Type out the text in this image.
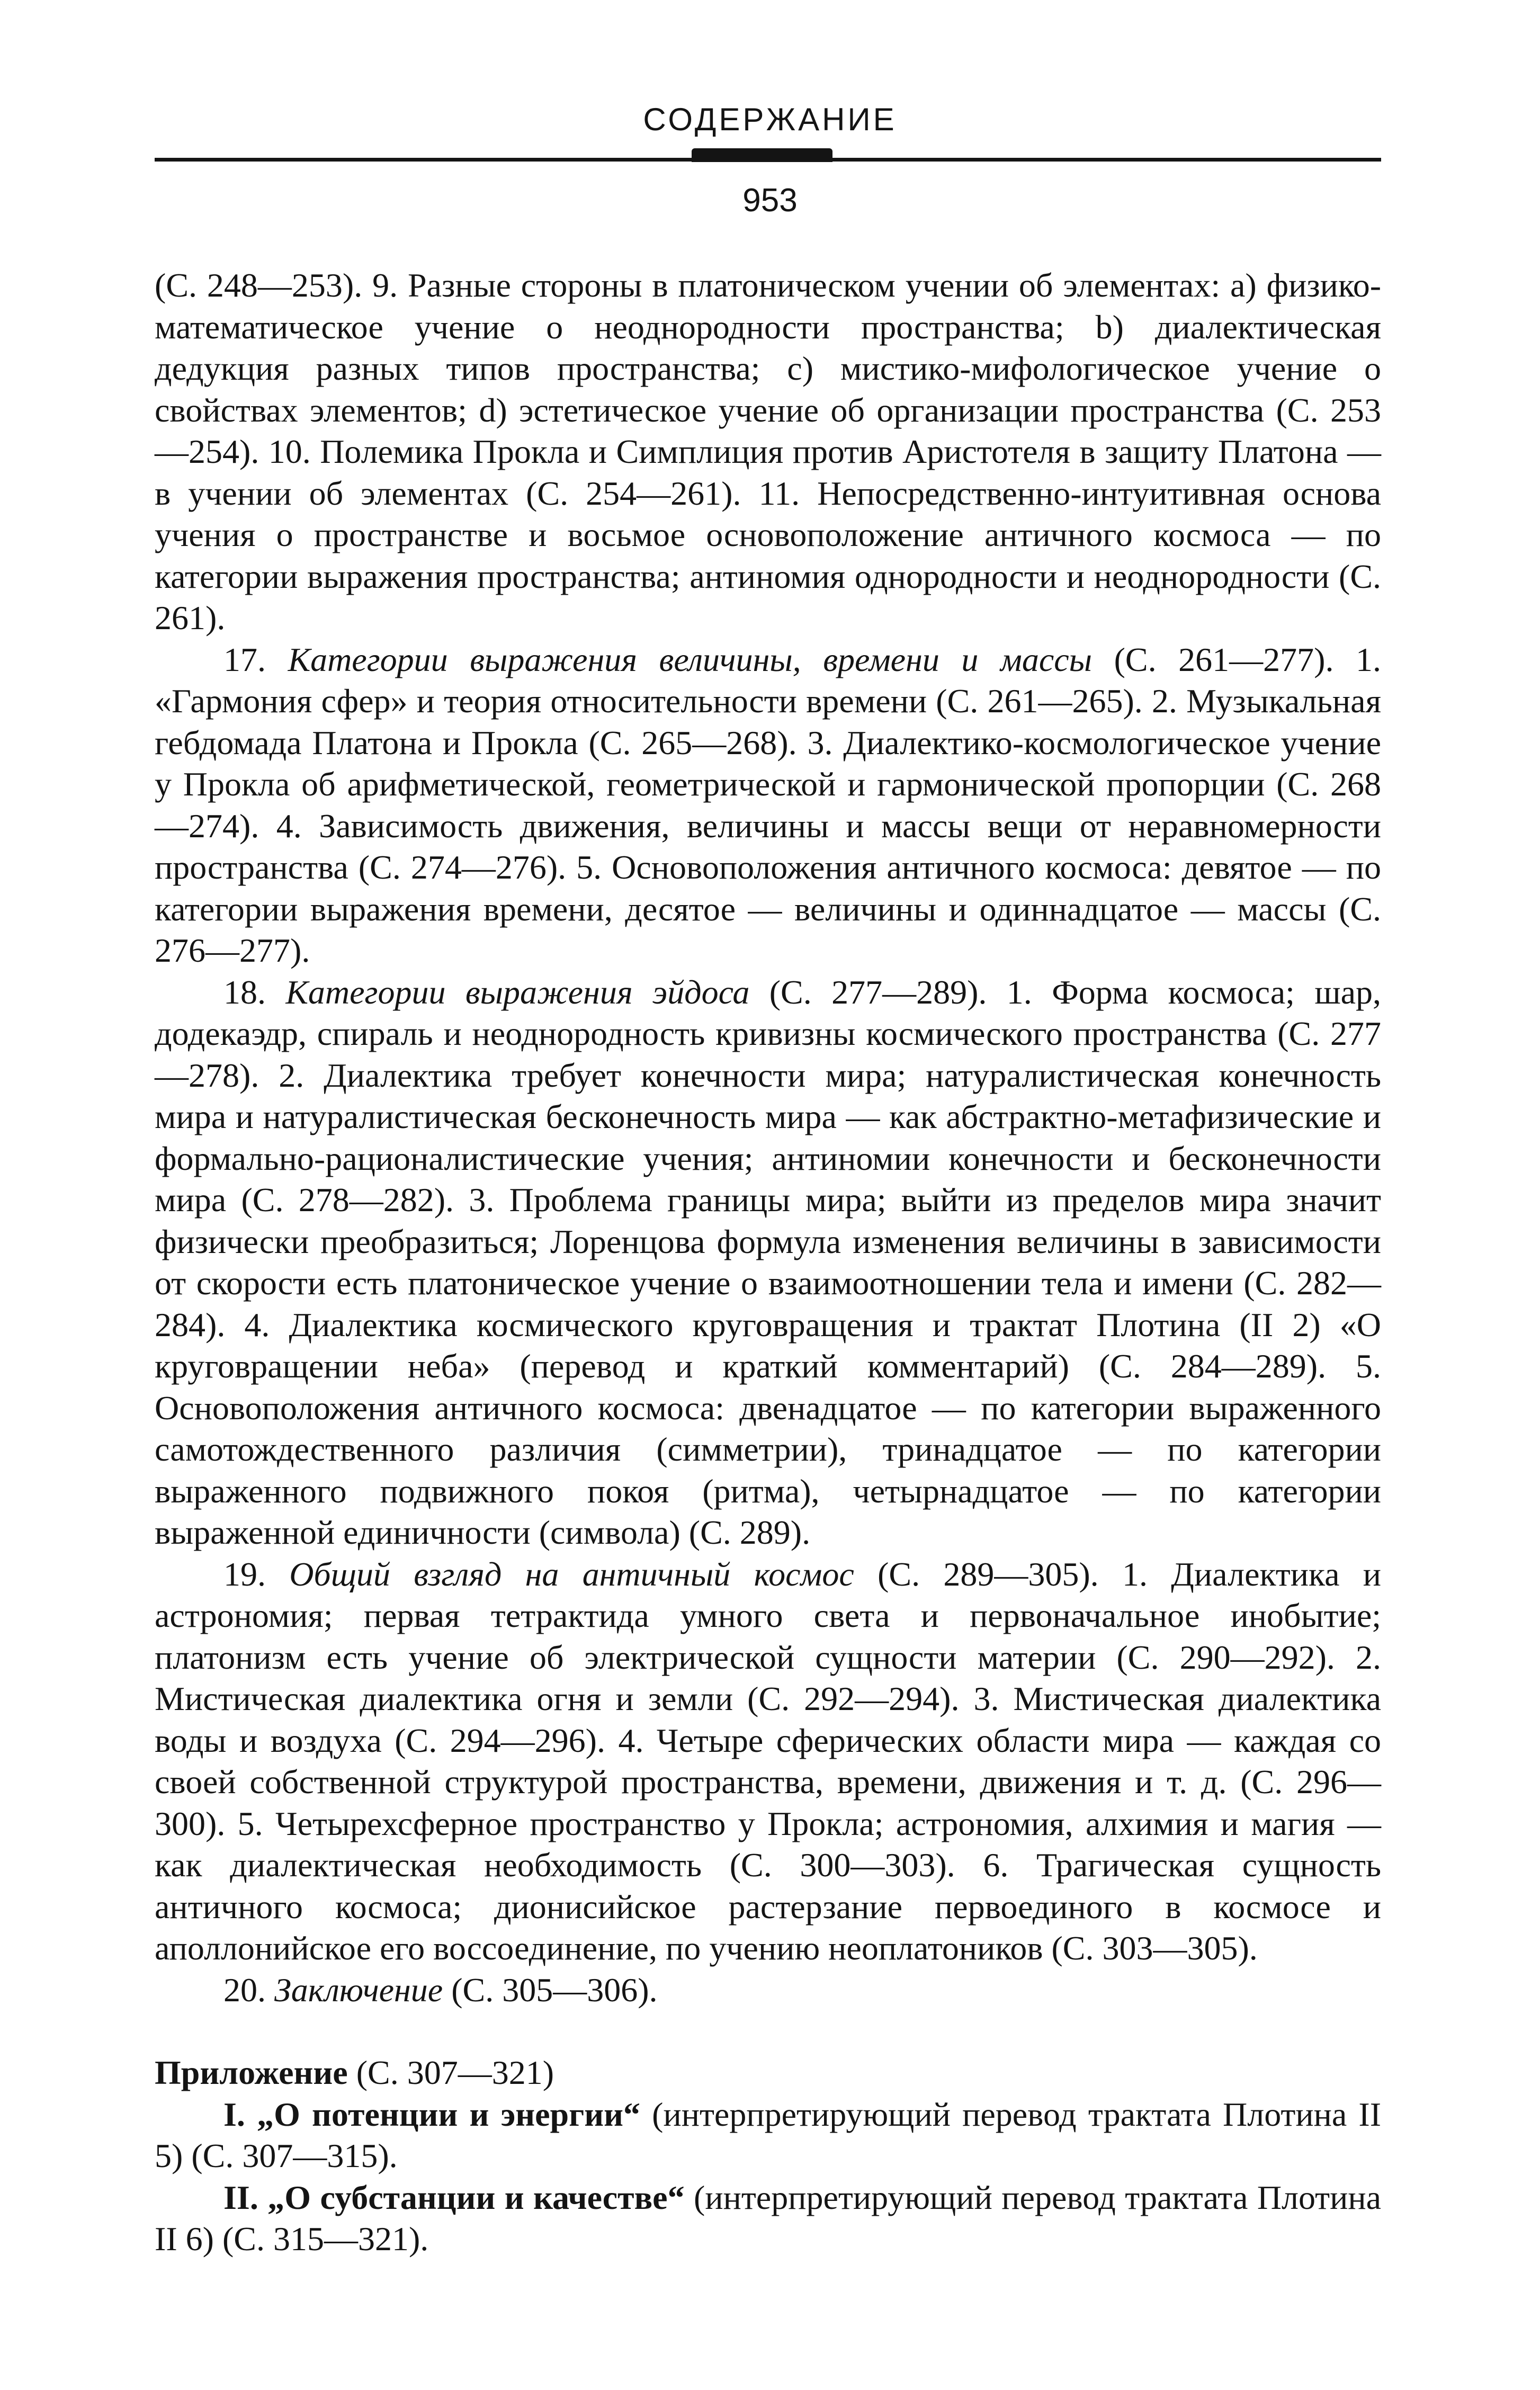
СОДЕРЖАНИЕ
953

(С. 248—253). 9. Разные стороны в платоническом учении об элементах: а) физико-математическое учение о неоднородности пространства; b) диалектическая дедукция разных типов пространства; с) мистико-мифологическое учение о свойствах элементов; d) эстетическое учение об организации пространства (С. 253—254). 10. Полемика Прокла и Симплиция против Аристотеля в защиту Платона — в учении об элементах (С. 254—261). 11. Непосредственно-интуитивная основа учения о пространстве и восьмое основоположение античного космоса — по категории выражения пространства; антиномия однородности и неоднородности (С. 261).

17. Категории выражения величины, времени и массы (С. 261—277). 1. «Гармония сфер» и теория относительности времени (С. 261—265). 2. Музыкальная гебдомада Платона и Прокла (С. 265—268). 3. Диалектико-космологическое учение у Прокла об арифметической, геометрической и гармонической пропорции (С. 268—274). 4. Зависимость движения, величины и массы вещи от неравномерности пространства (С. 274—276). 5. Основоположения античного космоса: девятое — по категории выражения времени, десятое — величины и одиннадцатое — массы (С. 276—277).

18. Категории выражения эйдоса (С. 277—289). 1. Форма космоса; шар, додекаэдр, спираль и неоднородность кривизны космического пространства (С. 277—278). 2. Диалектика требует конечности мира; натуралистическая конечность мира и натуралистическая бесконечность мира — как абстрактно-метафизические и формально-рационалистические учения; антиномии конечности и бесконечности мира (С. 278—282). 3. Проблема границы мира; выйти из пределов мира значит физически преобразиться; Лоренцова формула изменения величины в зависимости от скорости есть платоническое учение о взаимоотношении тела и имени (С. 282—284). 4. Диалектика космического круговращения и трактат Плотина (II 2) «О круговращении неба» (перевод и краткий комментарий) (С. 284—289). 5. Основоположения античного космоса: двенадцатое — по категории выраженного самотождественного различия (симметрии), тринадцатое — по категории выраженного подвижного покоя (ритма), четырнадцатое — по категории выраженной единичности (символа) (С. 289).

19. Общий взгляд на античный космос (С. 289—305). 1. Диалектика и астрономия; первая тетрактида умного света и первоначальное инобытие; платонизм есть учение об электрической сущности материи (С. 290—292). 2. Мистическая диалектика огня и земли (С. 292—294). 3. Мистическая диалектика воды и воздуха (С. 294—296). 4. Четыре сферических области мира — каждая со своей собственной структурой пространства, времени, движения и т. д. (С. 296—300). 5. Четырехсферное пространство у Прокла; астрономия, алхимия и магия — как диалектическая необходимость (С. 300—303). 6. Трагическая сущность античного космоса; дионисийское растерзание первоединого в космосе и аполлонийское его воссоединение, по учению неоплатоников (С. 303—305).

20. Заключение (С. 305—306).

Приложение (С. 307—321)

I. „О потенции и энергии“ (интерпретирующий перевод трактата Плотина II 5) (С. 307—315).

II. „О субстанции и качестве“ (интерпретирующий перевод трактата Плотина II 6) (С. 315—321).
